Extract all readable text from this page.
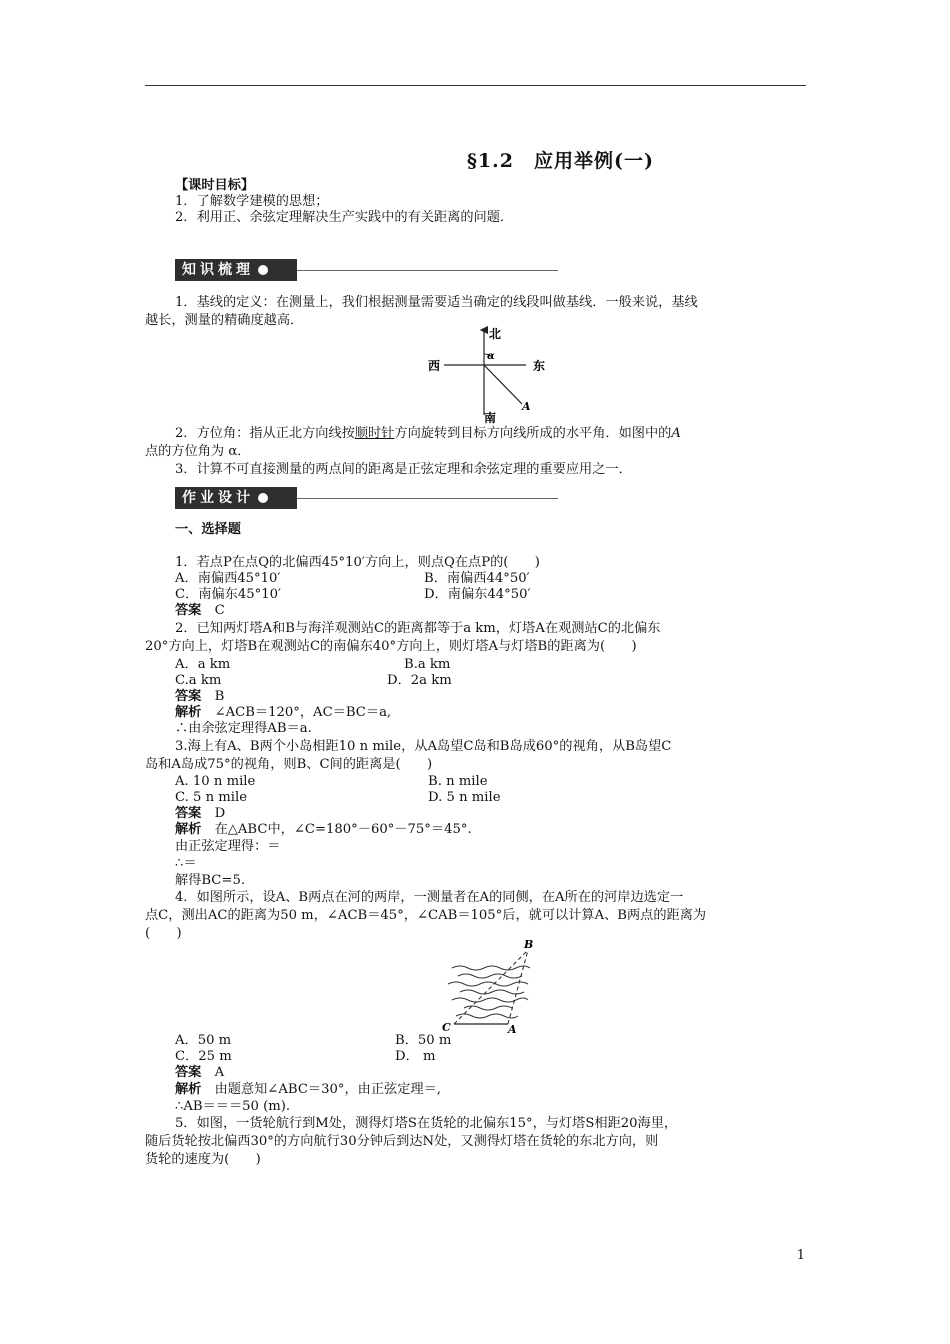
§1.2　应用举例(一)
【课时目标】
1．了解数学建模的思想；
2．利用正、余弦定理解决生产实践中的有关距离的问题．
知识梳理
1．基线的定义：在测量上，我们根据测量需要适当确定的线段叫做基线．一般来说，基线
越长，测量的精确度越高．
北
南
西	东
α
A
2．方位角：指从正北方向线按顺时针方向旋转到目标方向线所成的水平角．如图中的A
点的方位角为 α．
3．计算不可直接测量的两点间的距离是正弦定理和余弦定理的重要应用之一．
作业设计
一、选择题
1．若点P在点Q的北偏西45°10′方向上，则点Q在点P的(　　)
A．南偏西45°10′	B．南偏西44°50′
C．南偏东45°10′	D．南偏东44°50′
答案　 C
2．已知两灯塔A和B与海洋观测站C的距离都等于a km，灯塔A在观测站C的北偏东
20°方向上，灯塔B在观测站C的南偏东40°方向上，则灯塔A与灯塔B的距离为(　　)
A．a km	B.a km
C.a km	D．2a km
答案　 B
解析　 ∠ACB＝120°，AC＝BC＝a,
∴由余弦定理得AB＝a.
3.海上有A、B两个小岛相距10 n mile，从A岛望C岛和B岛成60°的视角，从B岛望C
岛和A岛成75°的视角，则B、C间的距离是(　　)
A. 10 n mile	B. n mile
C. 5 n mile	D. 5 n mile
答案　 D
解析　 在△ABC中，∠C=180°－60°－75°＝45°.
由正弦定理得：＝
∴＝
解得BC=5.
4．如图所示，设A、B两点在河的两岸，一测量者在A的同侧，在A所在的河岸边选定一
点C，测出AC的距离为50 m，∠ACB＝45°，∠CAB＝105°后，就可以计算A、B两点的距离为
(　　)
B
C	A
A．50 m	B．50 m
C．25 m	D． m
答案　 A
解析　 由题意知∠ABC＝30°，由正弦定理＝,
∴AB＝＝＝50 (m).
5．如图，一货轮航行到M处，测得灯塔S在货轮的北偏东15°，与灯塔S相距20海里，
随后货轮按北偏西30°的方向航行30分钟后到达N处，又测得灯塔在货轮的东北方向，则
货轮的速度为(　　)
1
